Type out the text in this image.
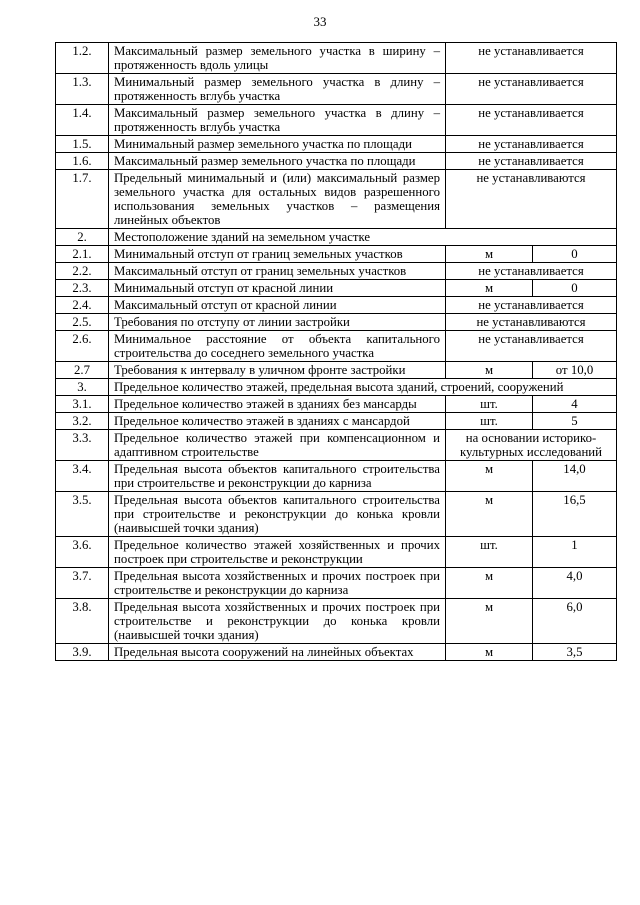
33
1.2.	Максимальный размер земельного участка в ширину – протяженность вдоль улицы	не устанавливается	
1.3.	Минимальный размер земельного участка в длину – протяженность вглубь участка	не устанавливается	
1.4.	Максимальный размер земельного участка в длину – протяженность вглубь участка	не устанавливается	
1.5.	Минимальный размер земельного участка по площади	не устанавливается	
1.6.	Максимальный размер земельного участка по площади	не устанавливается	
1.7.	Предельный минимальный и (или) максимальный размер земельного участка для остальных видов разрешенного использования земельных участков – размещения линейных объектов	не устанавливаются	
2.	Местоположение зданий на земельном участке		
2.1.	Минимальный отступ от границ земельных участков	м	0
2.2.	Максимальный отступ от границ земельных участков	не устанавливается	
2.3.	Минимальный отступ от красной линии	м	0
2.4.	Максимальный отступ от красной линии	не устанавливается	
2.5.	Требования по отступу от линии застройки	не устанавливаются	
2.6.	Минимальное расстояние от объекта капитального строительства до соседнего земельного участка	не устанавливается	
2.7	Требования к интервалу в уличном фронте застройки	м	от 10,0
3.	Предельное количество этажей, предельная высота зданий, строений, сооружений		
3.1.	Предельное количество этажей в зданиях без мансарды	шт.	4
3.2.	Предельное количество этажей в зданиях с мансардой	шт.	5
3.3.	Предельное количество этажей при компенсационном и адаптивном строительстве	на основании историко-культурных исследований	
3.4.	Предельная высота объектов капитального строительства при строительстве и реконструкции до карниза	м	14,0
3.5.	Предельная высота объектов капитального строительства при строительстве и реконструкции до конька кровли (наивысшей точки здания)	м	16,5
3.6.	Предельное количество этажей хозяйственных и прочих построек при строительстве и реконструкции	шт.	1
3.7.	Предельная высота хозяйственных и прочих построек при строительстве и реконструкции до карниза	м	4,0
3.8.	Предельная высота хозяйственных и прочих построек при строительстве и реконструкции до конька кровли (наивысшей точки здания)	м	6,0
3.9.	Предельная высота сооружений на линейных объектах	м	3,5
